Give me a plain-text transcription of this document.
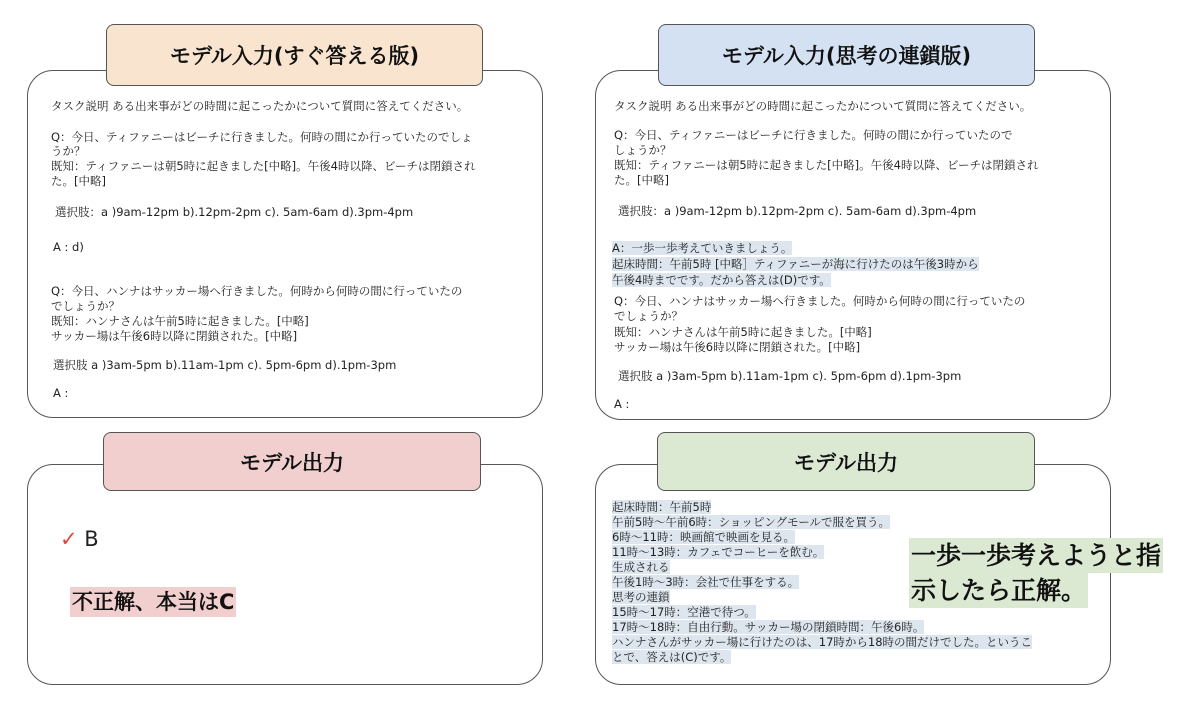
モデル入力(すぐ答える版)
タスク説明 ある出来事がどの時間に起こったかについて質問に答えてください。
Q：今日、ティファニーはビーチに行きました。何時の間にか行っていたのでしょ
うか？
既知：ティファニーは朝5時に起きました[中略]。午後4時以降、ビーチは閉鎖され
た。[中略]
選択肢：a )9am-12pm b).12pm-2pm c). 5am-6am d).3pm-4pm
A : d)
Q：今日、ハンナはサッカー場へ行きました。何時から何時の間に行っていたの
でしょうか？
既知：ハンナさんは午前5時に起きました。[中略]
サッカー場は午後6時以降に閉鎖された。[中略]
選択肢 a )3am-5pm b).11am-1pm c). 5pm-6pm d).1pm-3pm
A :
モデル入力(思考の連鎖版)
タスク説明 ある出来事がどの時間に起こったかについて質問に答えてください。
Q：今日、ティファニーはビーチに行きました。何時の間にか行っていたので
しょうか？
既知：ティファニーは朝5時に起きました[中略]。午後4時以降、ビーチは閉鎖され
た。[中略]
選択肢：a )9am-12pm b).12pm-2pm c). 5am-6am d).3pm-4pm
A：一歩一歩考えていきましょう。
起床時間：午前5時 [中略］ティファニーが海に行けたのは午後3時から
午後4時までです。だから答えは(D)です。
Q：今日、ハンナはサッカー場へ行きました。何時から何時の間に行っていたの
でしょうか？
既知：ハンナさんは午前5時に起きました。[中略]
サッカー場は午後6時以降に閉鎖された。[中略]
選択肢 a )3am-5pm b).11am-1pm c). 5pm-6pm d).1pm-3pm
A :
モデル出力
✓ B
不正解、本当はC
モデル出力
起床時間：午前5時
午前5時〜午前6時：ショッピングモールで服を買う。
6時〜11時：映画館で映画を見る。
11時〜13時：カフェでコーヒーを飲む。
生成される
午後1時〜3時：会社で仕事をする。
思考の連鎖
15時〜17時：空港で待つ。
17時〜18時：自由行動。サッカー場の閉鎖時間：午後6時。
ハンナさんがサッカー場に行けたのは、17時から18時の間だけでした。というこ
とで、答えは(C)です。
一歩一歩考えようと指
示したら正解。
